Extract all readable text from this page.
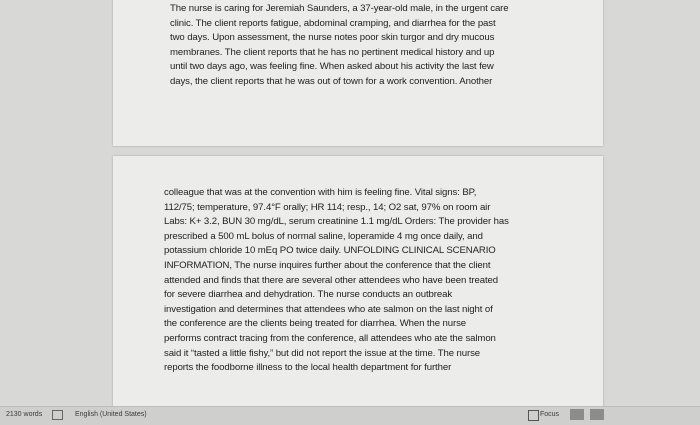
The nurse is caring for Jeremiah Saunders, a 37-year-old male, in the urgent care
clinic. The client reports fatigue, abdominal cramping, and diarrhea for the past
two days. Upon assessment, the nurse notes poor skin turgor and dry mucous
membranes. The client reports that he has no pertinent medical history and up
until two days ago, was feeling fine. When asked about his activity the last few
days, the client reports that he was out of town for a work convention. Another
colleague that was at the convention with him is feeling fine. Vital signs: BP,
112/75; temperature, 97.4°F orally; HR 114; resp., 14; O2 sat, 97% on room air
Labs: K+ 3.2, BUN 30 mg/dL, serum creatinine 1.1 mg/dL Orders: The provider has
prescribed a 500 mL bolus of normal saline, loperamide 4 mg once daily, and
potassium chloride 10 mEq PO twice daily. UNFOLDING CLINICAL SCENARIO
INFORMATION, The nurse inquires further about the conference that the client
attended and finds that there are several other attendees who have been treated
for severe diarrhea and dehydration. The nurse conducts an outbreak
investigation and determines that attendees who ate salmon on the last night of
the conference are the clients being treated for diarrhea. When the nurse
performs contract tracing from the conference, all attendees who ate the salmon
said it “tasted a little fishy,” but did not report the issue at the time. The nurse
reports the foodborne illness to the local health department for further
2130 words	English (United States)	Focus
